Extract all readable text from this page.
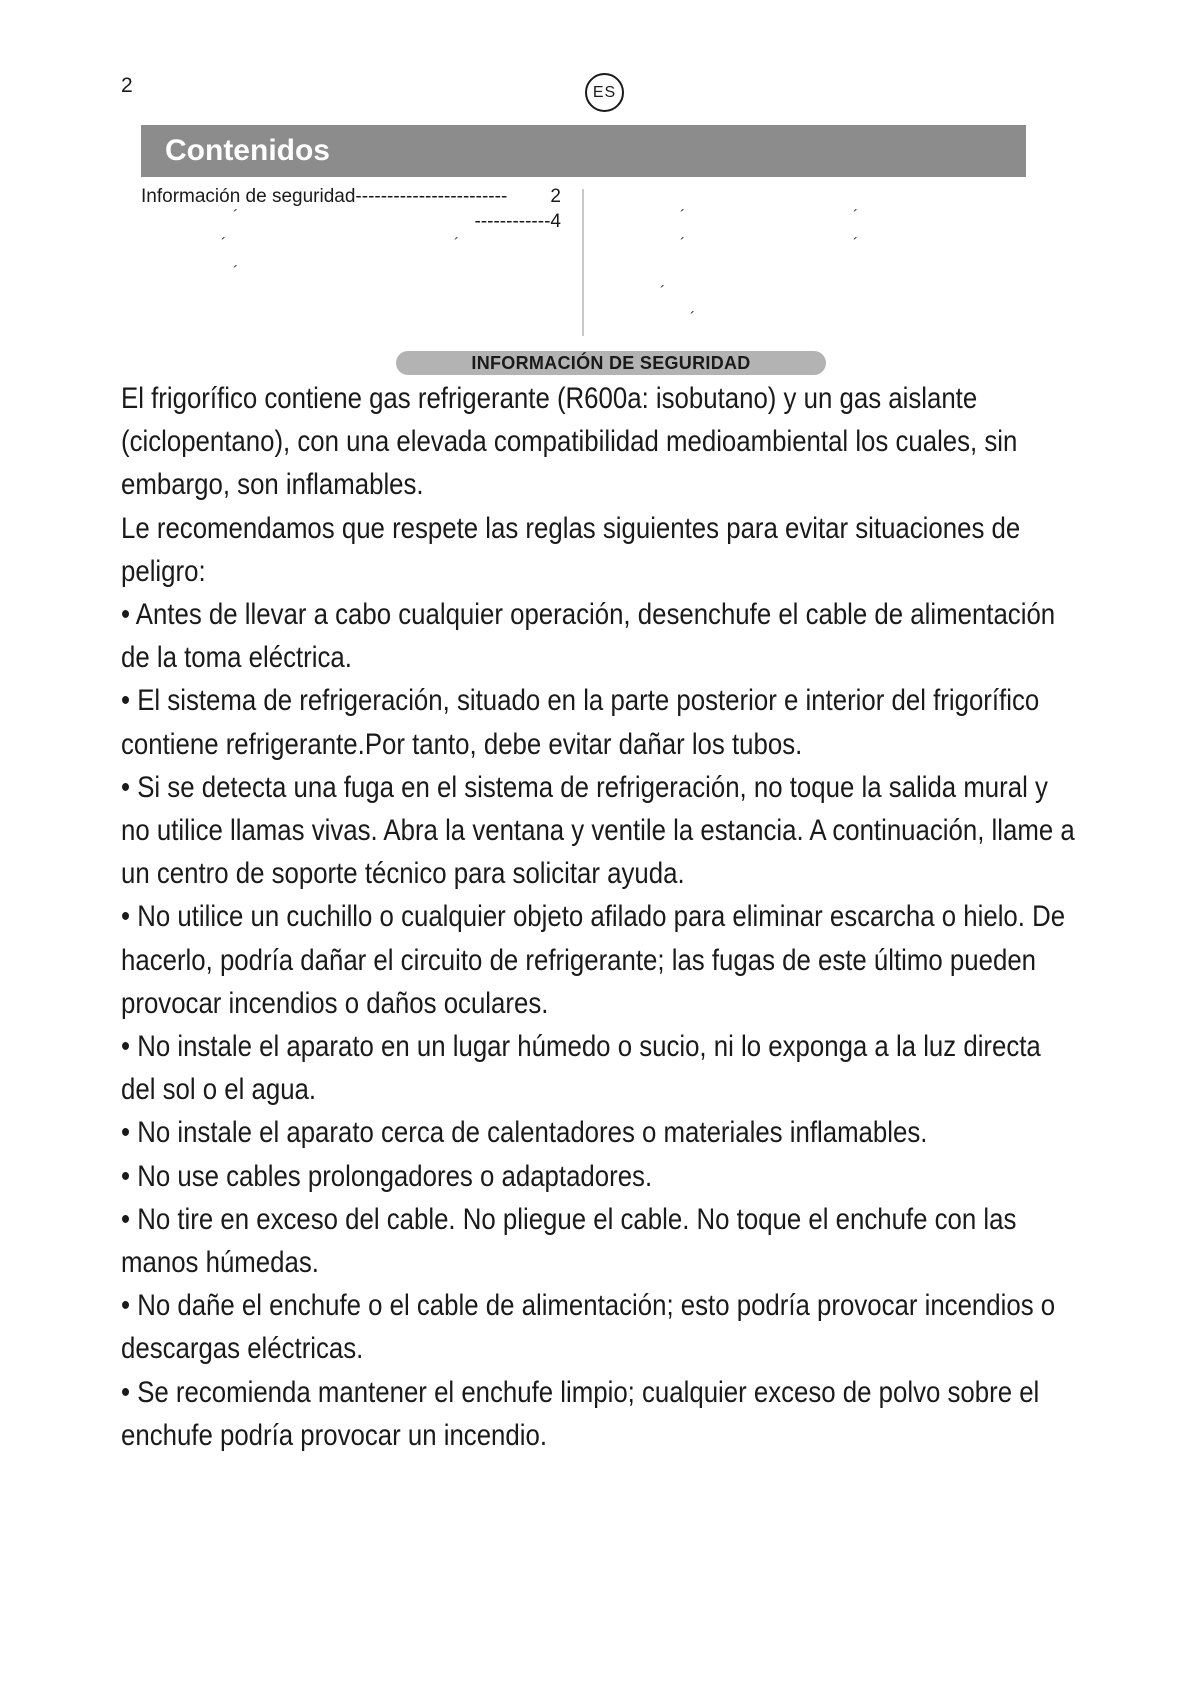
2	ES
Contenidos
Información de seguridad ------------------------	2
------------ 4
´
´	´
´
´	´
´	´
´
´
INFORMACIÓN DE SEGURIDAD

El frigorífico contiene gas refrigerante (R600a: isobutano) y un gas aislante (ciclopentano), con una elevada compatibilidad medioambiental los cuales, sin embargo, son inflamables.

Le recomendamos que respete las reglas siguientes para evitar situaciones de peligro:

• Antes de llevar a cabo cualquier operación, desenchufe el cable de alimentación de la toma eléctrica.

• El sistema de refrigeración, situado en la parte posterior e interior del frigorífico contiene refrigerante.Por tanto, debe evitar dañar los tubos.

• Si se detecta una fuga en el sistema de refrigeración, no toque la salida mural y no utilice llamas vivas. Abra la ventana y ventile la estancia. A continuación, llame a un centro de soporte técnico para solicitar ayuda.

• No utilice un cuchillo o cualquier objeto afilado para eliminar escarcha o hielo. De hacerlo, podría dañar el circuito de refrigerante; las fugas de este último pueden provocar incendios o daños oculares.

• No instale el aparato en un lugar húmedo o sucio, ni lo exponga a la luz directa del sol o el agua.

• No instale el aparato cerca de calentadores o materiales inflamables.

• No use cables prolongadores o adaptadores.

• No tire en exceso del cable. No pliegue el cable. No toque el enchufe con las manos húmedas.

• No dañe el enchufe o el cable de alimentación; esto podría provocar incendios o descargas eléctricas.

• Se recomienda mantener el enchufe limpio; cualquier exceso de polvo sobre el enchufe podría provocar un incendio.
